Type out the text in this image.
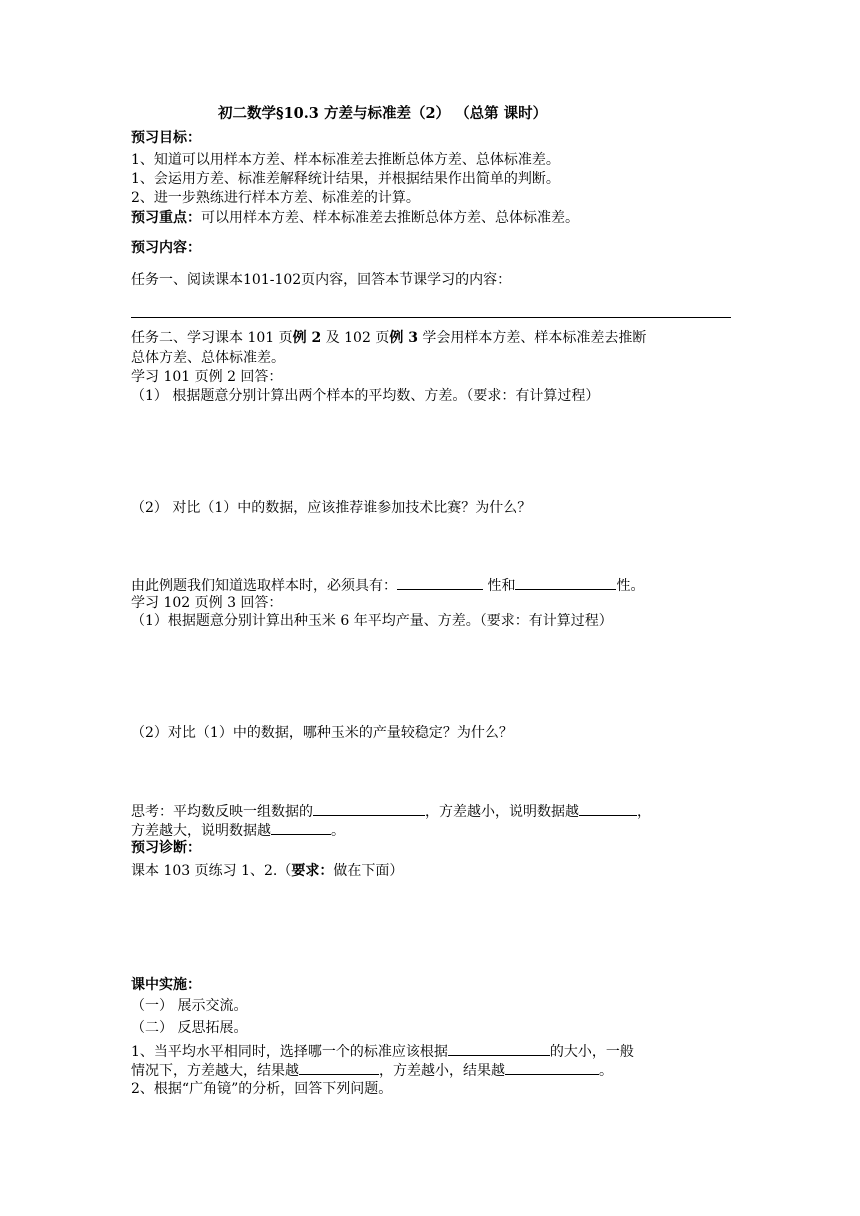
初二数学§10.3 方差与标准差（2） （总第 课时）
预习目标：
1、知道可以用样本方差、样本标准差去推断总体方差、总体标准差。
1、会运用方差、标准差解释统计结果，并根据结果作出简单的判断。
2、进一步熟练进行样本方差、标准差的计算。
预习重点：可以用样本方差、样本标准差去推断总体方差、总体标准差。
预习内容：
任务一、阅读课本101-102页内容，回答本节课学习的内容：
任务二、学习课本 101 页例 2 及 102 页例 3 学会用样本方差、样本标准差去推断
总体方差、总体标准差。
学习 101 页例 2 回答：
（1） 根据题意分别计算出两个样本的平均数、方差。（要求：有计算过程）
（2） 对比（1）中的数据，应该推荐谁参加技术比赛？为什么？
由此例题我们知道选取样本时，必须具有：	性和	性。
学习 102 页例 3 回答：
（1）根据题意分别计算出种玉米 6 年平均产量、方差。（要求：有计算过程）
（2）对比（1）中的数据，哪种玉米的产量较稳定？为什么？
思考：平均数反映一组数据的	，方差越小，说明数据越	，
方差越大，说明数据越	。
预习诊断：
课本 103 页练习 1、2.（要求：做在下面）
课中实施：
（一） 展示交流。
（二） 反思拓展。
1、当平均水平相同时，选择哪一个的标准应该根据	的大小，一般
情况下，方差越大，结果越	，方差越小，结果越	。
2、根据“广角镜”的分析，回答下列问题。
